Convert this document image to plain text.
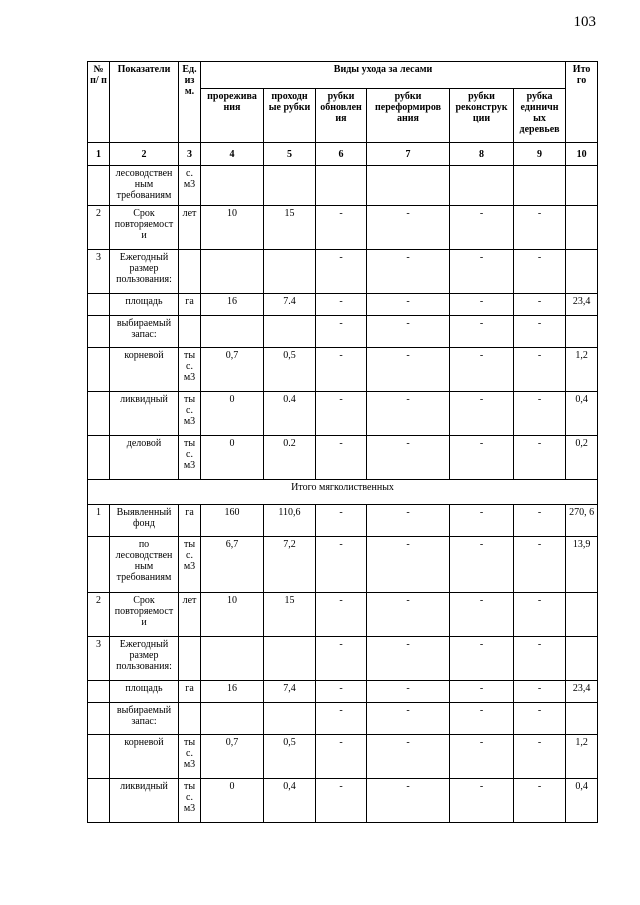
103
№ п/ п	Показатели	Ед. из м.	Виды ухода за лесами						Ито го
			прорежива ния	проходн ые рубки	рубки обновлен ия	рубки переформиров ания	рубки реконструк ции	рубка единичн ых деревьев	
1	2	3	4	5	6	7	8	9	10
	лесоводствен ным требованиям	с. м3							
2	Срок повторяемост и	лет	10	15	-	-	-	-	
3	Ежегодный размер пользования:				-	-	-	-	
	площадь	га	16	7.4	-	-	-	-	23,4
	выбираемый запас:				-	-	-	-	
	корневой	ты с. м3	0,7	0,5	-	-	-	-	1,2
	ликвидный	ты с. м3	0	0.4	-	-	-	-	0,4
	деловой	ты с. м3	0	0.2	-	-	-	-	0,2
Итого мягколиственных									
1	Выявленный фонд	га	160	110,6	-	-	-	-	270, 6
	по лесоводствен ным требованиям	ты с. м3	6,7	7,2	-	-	-	-	13,9
2	Срок повторяемост и	лет	10	15	-	-	-	-	
3	Ежегодный размер пользования:				-	-	-	-	
	площадь	га	16	7,4	-	-	-	-	23,4
	выбираемый запас:				-	-	-	-	
	корневой	ты с. м3	0,7	0,5	-	-	-	-	1,2
	ликвидный	ты с. м3	0	0,4	-	-	-	-	0,4
